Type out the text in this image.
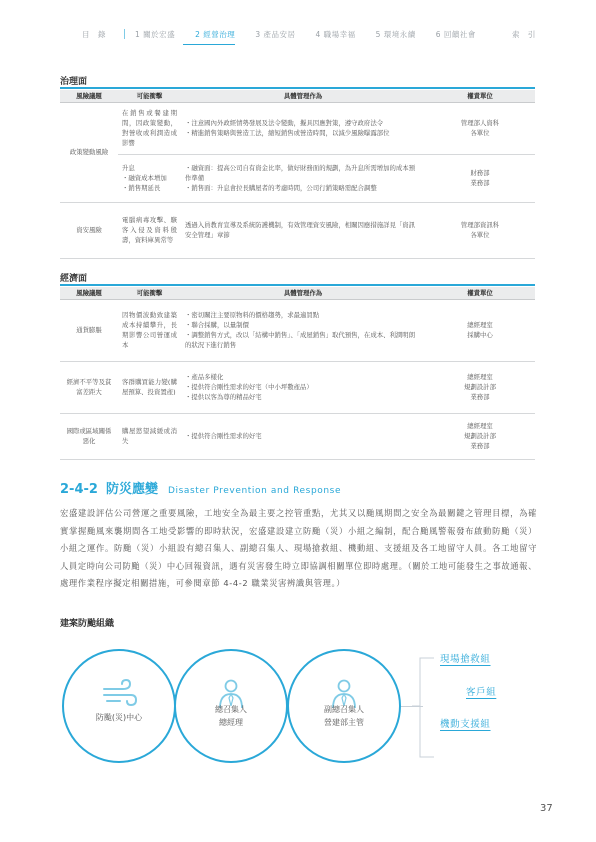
目　錄	1 關於宏盛	2 經營治理	3 產品安居	4 職場幸福	5 環境永續	6 回饋社會	索　引
治理面
風險議題	可能衝擊	具體管理作為	權責單位
政策變動風險	在銷售或餐建期間，因政策變動，對營收或利潤造成影響	・注意國內外政經情勢發展及法令變動，擬具因應對策，遵守政府法令
・精進銷售策略與營造工法，縮短銷售或營造時間，以減少風險曝露部位	管理部人資科
各單位
	升息
・融資成本增加
・銷售期延長	・融資面：提高公司自有資金比率，做好財務面的規劃，為升息所需增加的成本預作準備
・銷售面：升息會拉長購屋者的考慮時間，公司行銷策略需配合調整	財務部
業務部
資安風險	電腦病毒攻擊、駭客入侵及資料殷壽，資料庫異常等	透過入員教育宣導及系統防護機制，有效管理資安風險，相關因應措施詳見「資訊安全管理」章節	管理部資訊科
各單位
經濟面
風險議題	可能衝擊	具體管理作為	權責單位
通貨膨脹	因物價波動致建築成本持續攀升，長期影響公司營運成本	・密切關注主要原物料的價格趨勢，求最適買點
・聯合採購，以量制價
・調整銷售方式，改以「結構中銷售」、「成屋銷售」取代預售，在成本、利潤明朗的狀況下進行銷售	總經理室
採購中心
經濟不平等及貧富差距大	客群購買能力變(購屋預算、投資置產)	・產品多樣化
・提供符合剛性需求的好宅（中小坪數產品）
・提供以客為尊的精品好宅	總經理室
規劃設計部
業務部
國際或區域關係惡化	購屋慾望減緩或消失	・提供符合剛性需求的好宅	總經理室
規劃設計部
業務部
2-4-2 防災應變 Disaster Prevention and Response

宏盛建設評估公司營運之重要風險，工地安全為最主要之控管重點，尤其又以颱風期間之安全為最關鍵之管理目標，為確實掌握颱風來襲期間各工地受影響的即時狀況，宏盛建設建立防颱（災）小組之編制，配合颱風警報發布啟動防颱（災）小組之運作。防颱（災）小組設有總召集人、副總召集人、現場搶救組、機動組、支援組及各工地留守人員。各工地留守人員定時向公司防颱（災）中心回報資訊，遇有災害發生時立即協調相關單位即時處理。（關於工地可能發生之事故通報、處理作業程序擬定相關措施，可參閱章節 4-4-2 職業災害辨識與管理。）

建案防颱組織
防颱(災)中心
總召集人
總經理
副總召集人
營建部主管
現場搶救組
客戶組
機動支援組
37
